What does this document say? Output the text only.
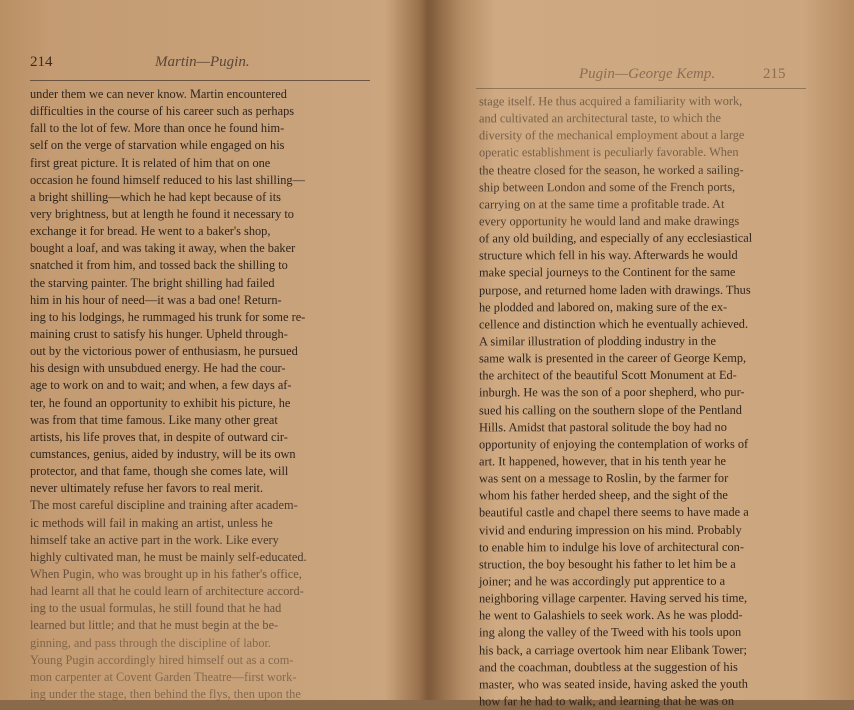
214	Martin—Pugin.
under them we can never know. Martin encountered
difficulties in the course of his career such as perhaps
fall to the lot of few. More than once he found him-
self on the verge of starvation while engaged on his
first great picture. It is related of him that on one
occasion he found himself reduced to his last shilling—
a bright shilling—which he had kept because of its
very brightness, but at length he found it necessary to
exchange it for bread. He went to a baker's shop,
bought a loaf, and was taking it away, when the baker
snatched it from him, and tossed back the shilling to
the starving painter. The bright shilling had failed
him in his hour of need—it was a bad one! Return-
ing to his lodgings, he rummaged his trunk for some re-
maining crust to satisfy his hunger. Upheld through-
out by the victorious power of enthusiasm, he pursued
his design with unsubdued energy. He had the cour-
age to work on and to wait; and when, a few days af-
ter, he found an opportunity to exhibit his picture, he
was from that time famous. Like many other great
artists, his life proves that, in despite of outward cir-
cumstances, genius, aided by industry, will be its own
protector, and that fame, though she comes late, will
never ultimately refuse her favors to real merit.
The most careful discipline and training after academ-
ic methods will fail in making an artist, unless he
himself take an active part in the work. Like every
highly cultivated man, he must be mainly self-educated.
When Pugin, who was brought up in his father's office,
had learnt all that he could learn of architecture accord-
ing to the usual formulas, he still found that he had
learned but little; and that he must begin at the be-
ginning, and pass through the discipline of labor.
Young Pugin accordingly hired himself out as a com-
mon carpenter at Covent Garden Theatre—first work-
ing under the stage, then behind the flys, then upon the
Pugin—George Kemp.	215
stage itself. He thus acquired a familiarity with work,
and cultivated an architectural taste, to which the
diversity of the mechanical employment about a large
operatic establishment is peculiarly favorable. When
the theatre closed for the season, he worked a sailing-
ship between London and some of the French ports,
carrying on at the same time a profitable trade. At
every opportunity he would land and make drawings
of any old building, and especially of any ecclesiastical
structure which fell in his way. Afterwards he would
make special journeys to the Continent for the same
purpose, and returned home laden with drawings. Thus
he plodded and labored on, making sure of the ex-
cellence and distinction which he eventually achieved.
A similar illustration of plodding industry in the
same walk is presented in the career of George Kemp,
the architect of the beautiful Scott Monument at Ed-
inburgh. He was the son of a poor shepherd, who pur-
sued his calling on the southern slope of the Pentland
Hills. Amidst that pastoral solitude the boy had no
opportunity of enjoying the contemplation of works of
art. It happened, however, that in his tenth year he
was sent on a message to Roslin, by the farmer for
whom his father herded sheep, and the sight of the
beautiful castle and chapel there seems to have made a
vivid and enduring impression on his mind. Probably
to enable him to indulge his love of architectural con-
struction, the boy besought his father to let him be a
joiner; and he was accordingly put apprentice to a
neighboring village carpenter. Having served his time,
he went to Galashiels to seek work. As he was plodd-
ing along the valley of the Tweed with his tools upon
his back, a carriage overtook him near Elibank Tower;
and the coachman, doubtless at the suggestion of his
master, who was seated inside, having asked the youth
how far he had to walk, and learning that he was on
